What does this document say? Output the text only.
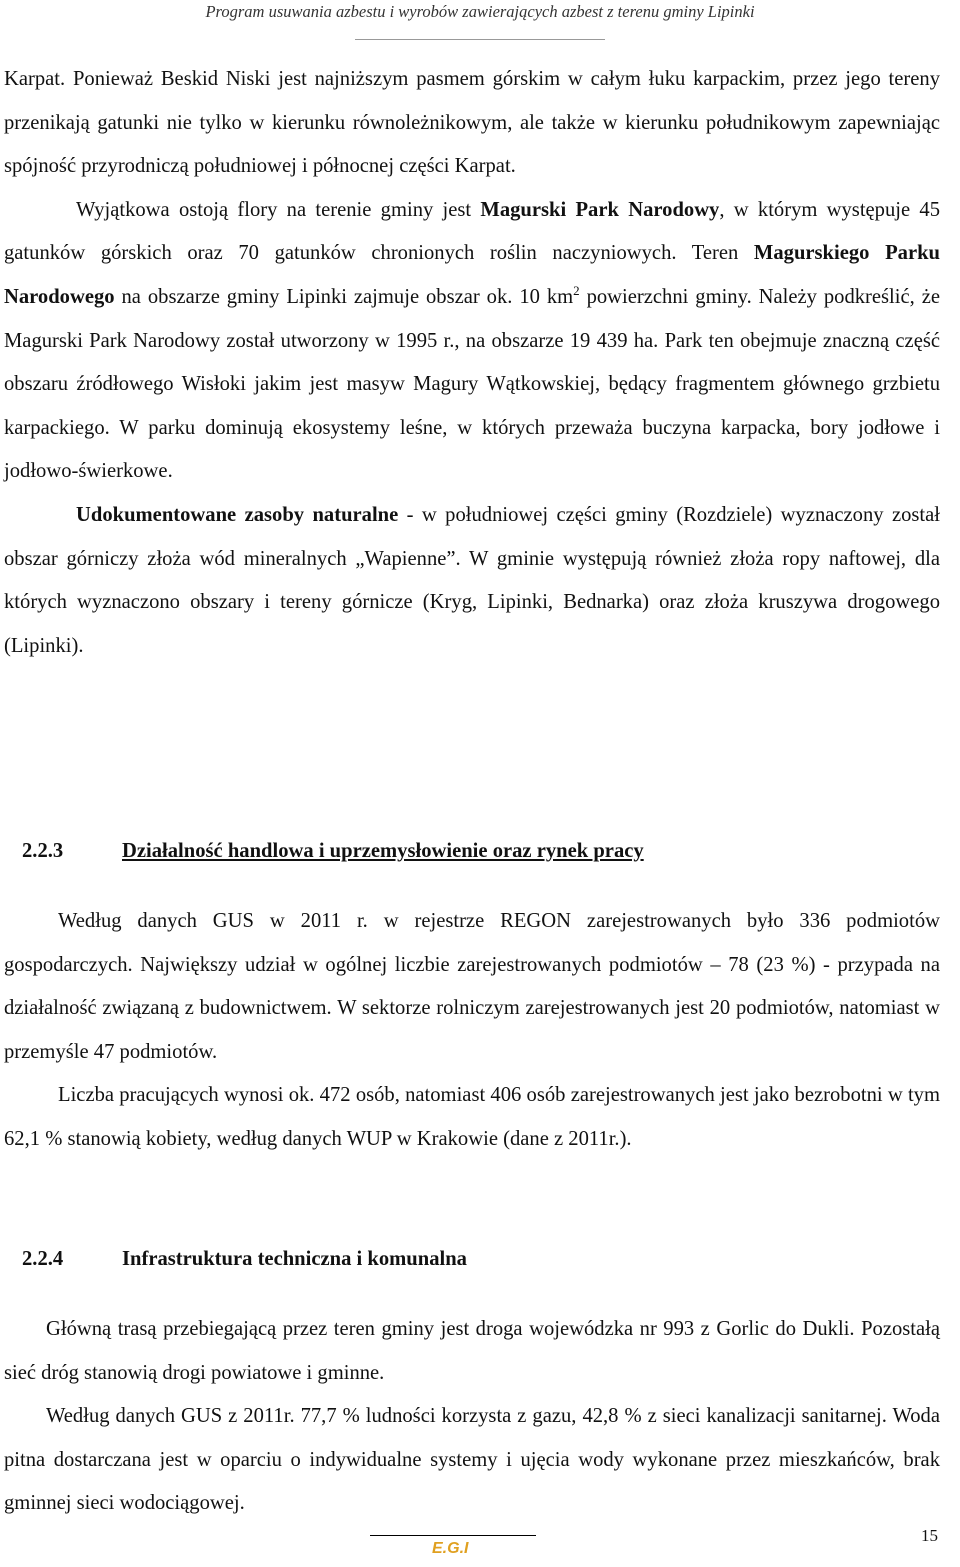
Program usuwania azbestu i wyrobów zawierających azbest z terenu gminy Lipinki

Karpat. Ponieważ Beskid Niski jest najniższym pasmem górskim w całym łuku karpackim, przez jego tereny przenikają gatunki nie tylko w kierunku równoleżnikowym, ale także w kierunku południkowym zapewniając spójność przyrodniczą południowej i północnej części Karpat.

Wyjątkowa ostoją flory na terenie gminy jest Magurski Park Narodowy, w którym występuje 45 gatunków górskich oraz 70 gatunków chronionych roślin naczyniowych. Teren Magurskiego Parku Narodowego na obszarze gminy Lipinki zajmuje obszar ok. 10 $km^2$ powierzchni gminy. Należy podkreślić, że Magurski Park Narodowy został utworzony w 1995 r., na obszarze 19 439 ha. Park ten obejmuje znaczną część obszaru źródłowego Wisłoki jakim jest masyw Magury Wątkowskiej, będący fragmentem głównego grzbietu karpackiego. W parku dominują ekosystemy leśne, w których przeważa buczyna karpacka, bory jodłowe i jodłowo-świerkowe.

Udokumentowane zasoby naturalne - w południowej części gminy (Rozdziele) wyznaczony został obszar górniczy złoża wód mineralnych „Wapienne”. W gminie występują również złoża ropy naftowej, dla których wyznaczono obszary i tereny górnicze (Kryg, Lipinki, Bednarka) oraz złoża kruszywa drogowego (Lipinki).

2.2.3	Działalność handlowa i uprzemysłowienie oraz rynek pracy

Według danych GUS w 2011 r. w rejestrze REGON zarejestrowanych było 336 podmiotów gospodarczych. Największy udział w ogólnej liczbie zarejestrowanych podmiotów – 78 (23 %) - przypada na działalność związaną z budownictwem. W sektorze rolniczym zarejestrowanych jest 20 podmiotów, natomiast w przemyśle 47 podmiotów.

Liczba pracujących wynosi ok. 472 osób, natomiast 406 osób zarejestrowanych jest jako bezrobotni w tym 62,1 % stanowią kobiety, według danych WUP w Krakowie (dane z 2011r.).

2.2.4	Infrastruktura techniczna i komunalna

Główną trasą przebiegającą przez teren gminy jest droga wojewódzka nr 993 z Gorlic do Dukli. Pozostałą sieć dróg stanowią drogi powiatowe i gminne.

Według danych GUS z 2011r. 77,7 % ludności korzysta z gazu, 42,8 % z sieci kanalizacji sanitarnej. Woda pitna dostarczana jest w oparciu o indywidualne systemy i ujęcia wody wykonane przez mieszkańców, brak gminnej sieci wodociągowej.

E.G.I
15
